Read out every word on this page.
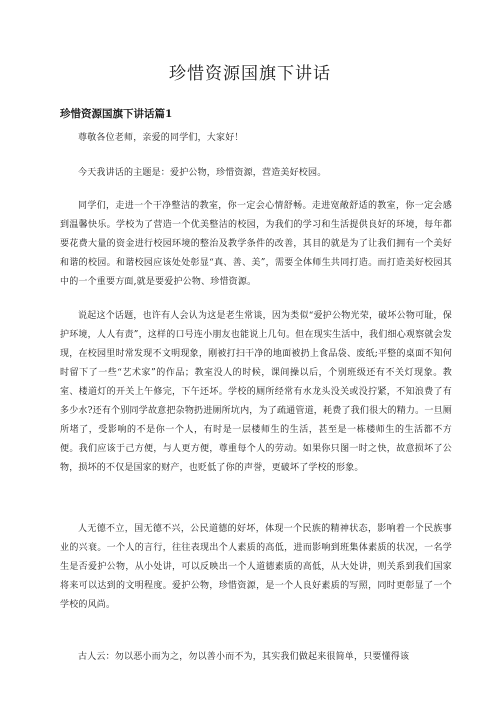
珍惜资源国旗下讲话
珍惜资源国旗下讲话篇1

尊敬各位老师，亲爱的同学们，大家好！

今天我讲话的主题是：爱护公物，珍惜资源，营造美好校园。

同学们，走进一个干净整洁的教室，你一定会心情舒畅。走进宽敞舒适的教室，你一定会感到温馨快乐。学校为了营造一个优美整洁的校园，为我们的学习和生活提供良好的环境，每年都要花费大量的资金进行校园环境的整治及教学条件的改善，其目的就是为了让我们拥有一个美好和谐的校园。和谐校园应该处处彰显“真、善、美”，需要全体师生共同打造。而打造美好校园其中的一个重要方面,就是要爱护公物、珍惜资源。

说起这个话题，也许有人会认为这是老生常谈，因为类似“爱护公物光荣，破坏公物可耻，保护环境，人人有责”，这样的口号连小朋友也能说上几句。但在现实生活中，我们细心观察就会发现，在校园里时常发现不文明现象，刚被打扫干净的地面被扔上食品袋、废纸;平整的桌面不知何时留下了一些“艺术家”的作品；教室没人的时候，课间操以后，个别班级还有不关灯现象。教室、楼道灯的开关上午修完，下午还坏。学校的厕所经常有水龙头没关或没拧紧，不知浪费了有多少水?还有个别同学故意把杂物扔进厕所坑内，为了疏通管道，耗费了我们很大的精力。一旦厕所堵了，受影响的不是你一个人，有时是一层楼师生的生活，甚至是一栋楼师生的生活都不方便。我们应该于己方便，与人更方便，尊重每个人的劳动。如果你只图一时之快，故意损坏了公物，损坏的不仅是国家的财产，也贬低了你的声誉，更破坏了学校的形象。

人无德不立，国无德不兴，公民道德的好坏，体现一个民族的精神状态，影响着一个民族事业的兴衰。一个人的言行，往往表现出个人素质的高低，进而影响到班集体素质的状况，一名学生是否爱护公物，从小处讲，可以反映出一个人道德素质的高低，从大处讲，则关系到我们国家将来可以达到的文明程度。爱护公物，珍惜资源，是一个人良好素质的写照，同时更彰显了一个学校的风尚。

古人云：勿以恶小而为之，勿以善小而不为，其实我们做起来很简单，只要懂得该
